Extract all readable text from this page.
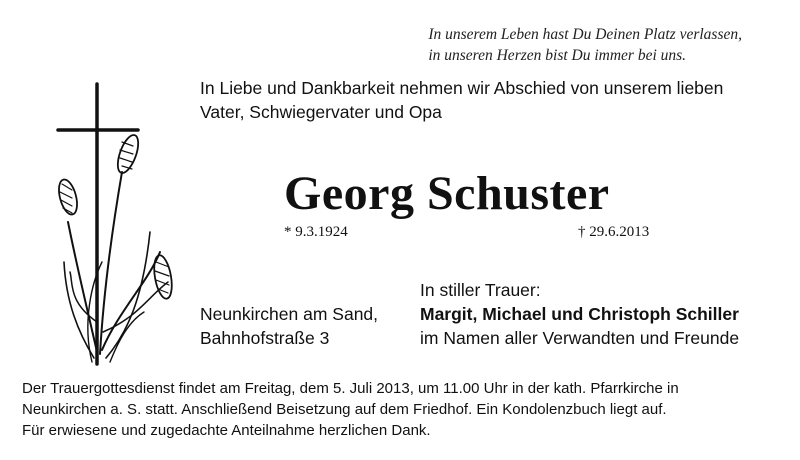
In unserem Leben hast Du Deinen Platz verlassen,
in unseren Herzen bist Du immer bei uns.
In Liebe und Dankbarkeit nehmen wir Abschied von unserem lieben
Vater, Schwiegervater und Opa
Georg Schuster
* 9.3.1924	† 29.6.2013
Neunkirchen am Sand,
Bahnhofstraße 3
In stiller Trauer:
Margit, Michael und Christoph Schiller
im Namen aller Verwandten und Freunde
Der Trauergottesdienst findet am Freitag, dem 5. Juli 2013, um 11.00 Uhr in der kath. Pfarrkirche in
Neunkirchen a. S. statt. Anschließend Beisetzung auf dem Friedhof. Ein Kondolenzbuch liegt auf.
Für erwiesene und zugedachte Anteilnahme herzlichen Dank.
